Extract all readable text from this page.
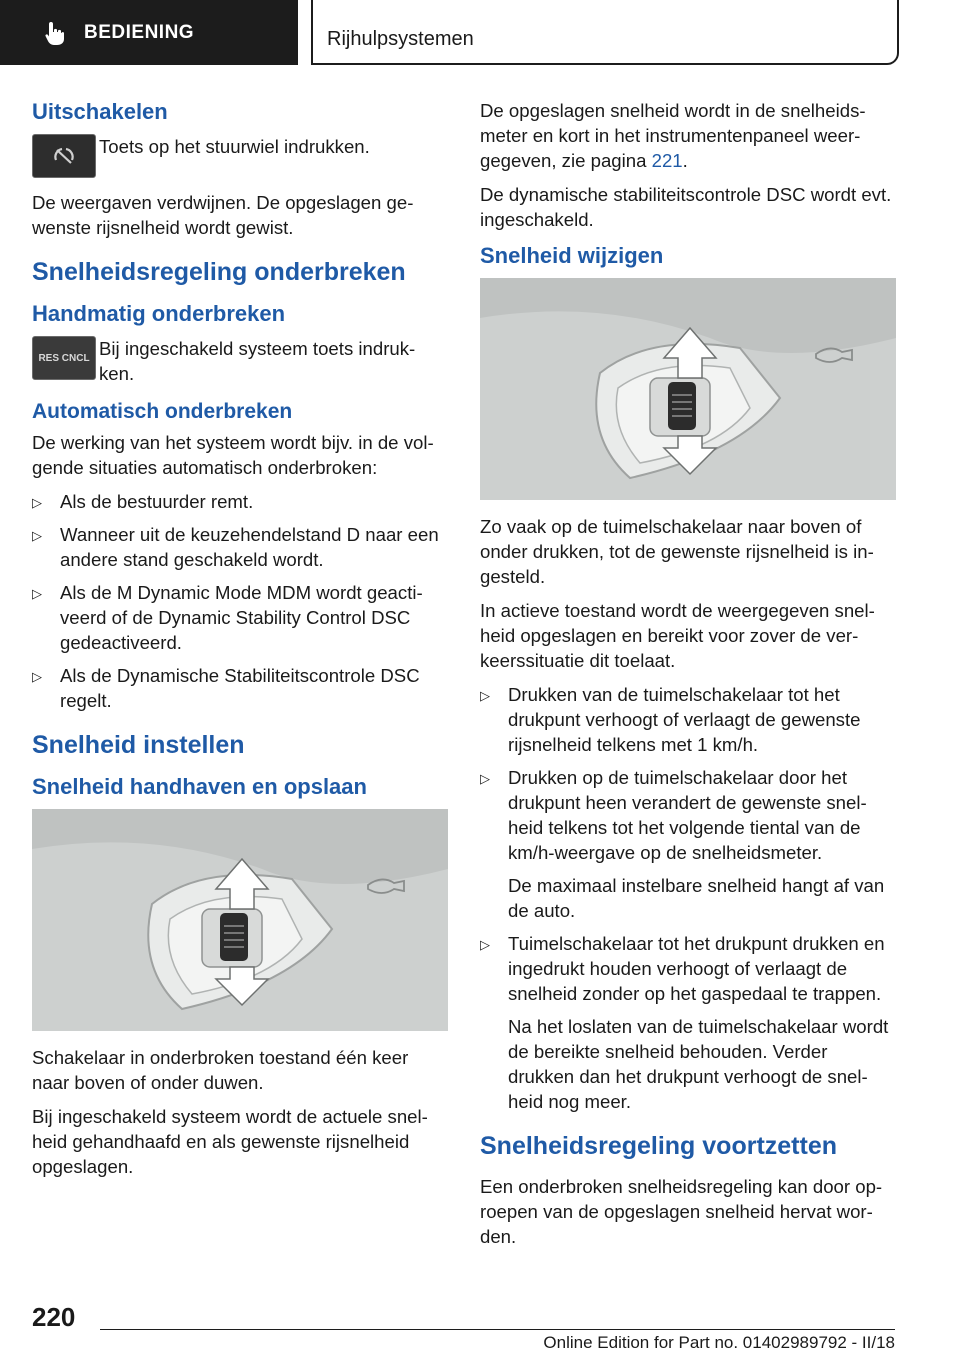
BEDIENING	Rijhulpsystemen
Uitschakelen
Toets op het stuurwiel indrukken.

De weergaven verdwijnen. De opgeslagen ge-wenste rijsnelheid wordt gewist.

Snelheidsregeling onderbreken
Handmatig onderbreken
RES CNCL Bij ingeschakeld systeem toets indruk-ken.
Automatisch onderbreken

De werking van het systeem wordt bijv. in de vol-gende situaties automatisch onderbroken:

▷ Als de bestuurder remt.
▷ Wanneer uit de keuzehendelstand D naar een andere stand geschakeld wordt.
▷ Als de M Dynamic Mode MDM wordt geacti-veerd of de Dynamic Stability Control DSC gedeactiveerd.
▷ Als de Dynamische Stabiliteitscontrole DSC regelt.
Snelheid instellen
Snelheid handhaven en opslaan

Schakelaar in onderbroken toestand één keer naar boven of onder duwen.

Bij ingeschakeld systeem wordt de actuele snel-heid gehandhaafd en als gewenste rijsnelheid opgeslagen.

De opgeslagen snelheid wordt in de snelheids-meter en kort in het instrumentenpaneel weer-gegeven, zie pagina 221.

De dynamische stabiliteitscontrole DSC wordt evt. ingeschakeld.

Snelheid wijzigen

Zo vaak op de tuimelschakelaar naar boven of onder drukken, tot de gewenste rijsnelheid is in-gesteld.

In actieve toestand wordt de weergegeven snel-heid opgeslagen en bereikt voor zover de ver-keerssituatie dit toelaat.

▷ Drukken van de tuimelschakelaar tot het drukpunt verhoogt of verlaagt de gewenste rijsnelheid telkens met 1 km/h.
▷ Drukken op de tuimelschakelaar door het drukpunt heen verandert de gewenste snel-heid telkens tot het volgende tiental van de km/h-weergave op de snelheidsmeter.
De maximaal instelbare snelheid hangt af van de auto.
▷ Tuimelschakelaar tot het drukpunt drukken en ingedrukt houden verhoogt of verlaagt de snelheid zonder op het gaspedaal te trappen.
Na het loslaten van de tuimelschakelaar wordt de bereikte snelheid behouden. Verder drukken dan het drukpunt verhoogt de snel-heid nog meer.
Snelheidsregeling voortzetten

Een onderbroken snelheidsregeling kan door op-roepen van de opgeslagen snelheid hervat wor-den.

220
Online Edition for Part no. 01402989792 - II/18
